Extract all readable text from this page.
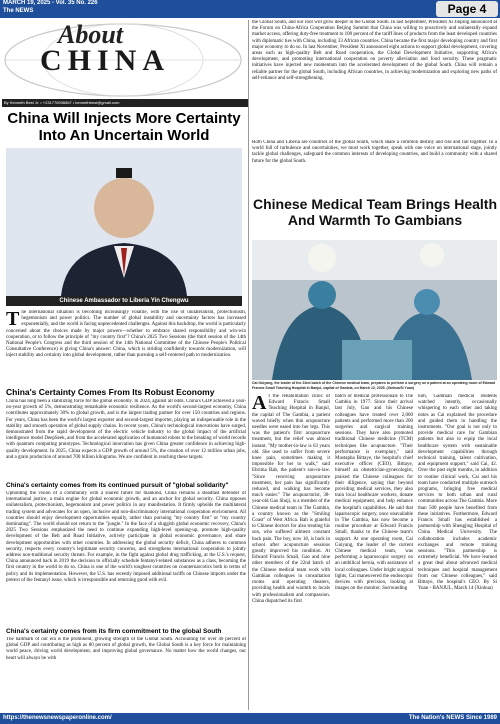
MARCH 19, 2025 - Vol. 35 No. 226
The NEWS	Page 4
About
CHINA
By Kenneth Best Jr. • +231776936867 • kennethbest@gmail.com
China Will Injects More Certainty Into An Uncertain World
Chinese Ambassador to Liberia Yin Chengwu
The international situation is becoming increasingly volatile, with the rise of unilateralism, protectionism, hegemonism and power politics. The number of global instability and uncertainty factors has increased exponentially, and the world is facing unprecedented challenges. Against this backdrop, the world is particularly concerned about the choices made by major powers—whether to embrace shared responsibility and win-win cooperation, or to follow the principle of "my country first"? China's 2025 Two Sessions (the third session of the 14th National People's Congress and the third session of the 14th National Committee of the Chinese People's Political Consultative Conference) is giving China's answer: China, which is striding confidently towards modernization, will inject stability and certainty into global development, rather than pursuing a self-centered path to modernization.
China's Certainty Comes From Its Robust Economy
China has long been a stabilizing force for the global economy. In 2024, against all odds, China's GDP achieved a year-on-year growth of 5%, demonstrating remarkable economic resilience. As the world's second-largest economy, China contributes approximately 30% to global growth, and is the largest trading partner for over 150 countries and regions. For years, China has been the world's largest exporter and second-largest importer, playing an indispensable role in the stability and smooth operation of global supply chains. In recent years, China's technological innovations have surged, demonstrated from the rapid development of the electric vehicle industry to the global impact of the artificial intelligence model DeepSeek, and from the accelerated application of humanoid robots to the breaking of world records with quantum computing prototypes. Technological innovation has given China greater confidence in achieving high-quality development. In 2025, China expects a GDP growth of around 5%, the creation of over 12 million urban jobs, and a grain production of around 700 billion kilograms. We are confident in reaching these targets.
China's certainty comes from its continued pursuit of "global solidarity"
Upholding the vision of a community with a shared future for mankind, China remains a steadfast defender of international justice, a main engine for global economic growth, and an anchor for global security. China opposes unilateralism, protectionism, hegemonism and power politics in any manifestation. It firmly upholds the multilateral trading system and advocates for an open, inclusive and non-discriminatory international cooperation environment. All countries should enjoy development opportunities equally, rather than pursuing "my country first" or "my country dominating". The world should not return to the "jungle." In the face of a sluggish global economic recovery, China's 2025 Two Sessions emphasized the need to continue expanding high-level opening-up, promote high-quality development of the Belt and Road Initiative, actively participate in global economic governance, and share development opportunities with other countries. In addressing the global security deficit, China adheres to common security, respects every country's legitimate security concerns, and strengthens international cooperation to jointly address non-traditional security threats. For example, in the fight against global drug trafficking, at the U.S.'s request, China announced back in 2019 the decision to officially schedule fentanyl-related substances as a class, becoming the first country in the world to do so. China is one of the world's toughest countries on counternarcotics both in terms of policy and its implementation. However, the U.S. has recently imposed additional tariffs on Chinese imports under the pretext of the fentanyl issue, which is irresponsible and returning good with evil.
China's certainty comes from its firm commitment to the global South
The hallmark of our era is the prominent, growing strength of the Global South. Accounting for over 40 percent of global GDP and contributing as high as 80 percent of global growth, the Global South is a key force for maintaining world peace, driving world development, and improving global governance. No matter how the world changes, our heart will always be with
the Global South, and our root will grow deeper in the Global South. In last September, President Xi Jinping announced at the Forum on China-Africa Cooperation Beijing Summit that China was willing to proactively and unilaterally expand market access, offering duty-free treatment to 100 percent of the tariff lines of products from the least developed countries with diplomatic ties with China, including 33 African countries. China became the first major developing country and first major economy to do so. In last November, President Xi announced eight actions to support global development, covering areas such as high-quality Belt and Road cooperation, the Global Development Initiative, supporting Africa's development, and promoting international cooperation on poverty alleviation and food security. These pragmatic initiatives have injected new momentum into the accelerated development of the global South. China will remain a reliable partner for the global South, including African countries, in achieving modernization and exploring new paths of self-reliance and self-strengthening.
Both China and Liberia are countries of the global South, which share a common destiny and rise and fall together. In a world full of turbulence and uncertainties, we must work together, speak with one voice on international stage, jointly tackle global challenges, safeguard the common interests of developing countries, and build a community with a shared future for the global South.
Chinese Medical Team Brings Health And Warmth To Gambians
Cai Guiyang, the leader of the 22nd batch of the Chinese medical team, prepares to perform a surgery on a patient at an operating room of Edward Francis Small Teaching Hospital in Banjul, capital of Gambia, on March 12, 2025. (Xinhua/Si Yuan)
At the rehabilitation clinic of Edward Francis Small Teaching Hospital in Banjul, the capital of The Gambia, a patient waved briefly when thin acupuncture needles were eased into her legs. This was the patient's first acupuncture treatment, but the relief was almost instant. "My mother-in-law is 63 years old. She used to suffer from severe knee pain, sometimes making it impossible for her to walk," said Ebrima Rab, the patient's son-in-law. "Since receiving acupuncture treatment, her pain has significantly reduced, and walking has become much easier." The acupuncturist, 38-year-old Gao Shuji, is a member of the Chinese medical team in The Gambia, a country known as the "Smiling Coast" of West Africa. Bah is grateful to Chinese doctors for also treating his son, who suffered ailment constant back pain. The boy, now 18, is back in school after acupuncture sessions greatly improved his condition. At Edward Francis Small, Gao and nine other members of the 22nd batch of the Chinese medical team work with Gambian colleagues in consultation rooms and operating theaters, providing health and warmth to locals with professionalism and compassion. China dispatched its first
batch of medical professionals to The Gambia in 1977. Since their arrival last July, Gao and his Chinese colleagues have treated over 2,000 patients and performed more than 200 surgeries and surgical training sessions. They have also promoted traditional Chinese medicine (TCM) techniques like acupuncture. "Their performance is exemplary," said Mustapha Bittaye, the hospital's chief executive officer (CEO). Bittaye, himself an obstetrician-gynecologist, praised the Chinese colleagues for their diligence, saying that beyond providing medical services, they also train local healthcare workers, donate medical equipment, and help enhance the hospital's capabilities. He said that laparoscopic surgery, once unavailable in The Gambia, has now become a routine procedure at Edward Francis Small, thanks to the Chinese team's support. At one operating room, Cai Guiyang, the leader of the current Chinese medical team, was performing a laparoscopic surgery on an umbilical hernia, with assistance of local colleagues. Under bright surgical lights, Cai maneuvered the endoscopic devices with precision, looking at images on the monitor. Surrounding
him, Gambian medical students watched intently, occasionally whispering to each other and taking notes as Cai explained the procedure and guided them in handling the instruments. "Our goal is not only to provide medical care for Gambian patients but also to equip the local healthcare system with sustainable development capabilities through technical training, talent cultivation, and equipment support," said Cai, 42. Over the past eight months, in addition to routine clinical work, Cai and his team have conducted multiple outreach programs, bringing free medical services to both urban and rural communities across The Gambia. More than 500 people have benefited from these initiatives. Furthermore, Edward Francis Small has established a partnership with Shengjing Hospital of China Medical University. The collaboration includes academic exchanges and remote training sessions. "This partnership is extremely beneficial. We have learned a great deal about advanced medical techniques and hospital management from our Chinese colleagues," said Bittaye, the hospital's CEO. By Si Yuan - BANJUL, March 14 (Xinhua)
https://thenewsnewspaperonline.com/	The Nation's NEWS Since 1989
